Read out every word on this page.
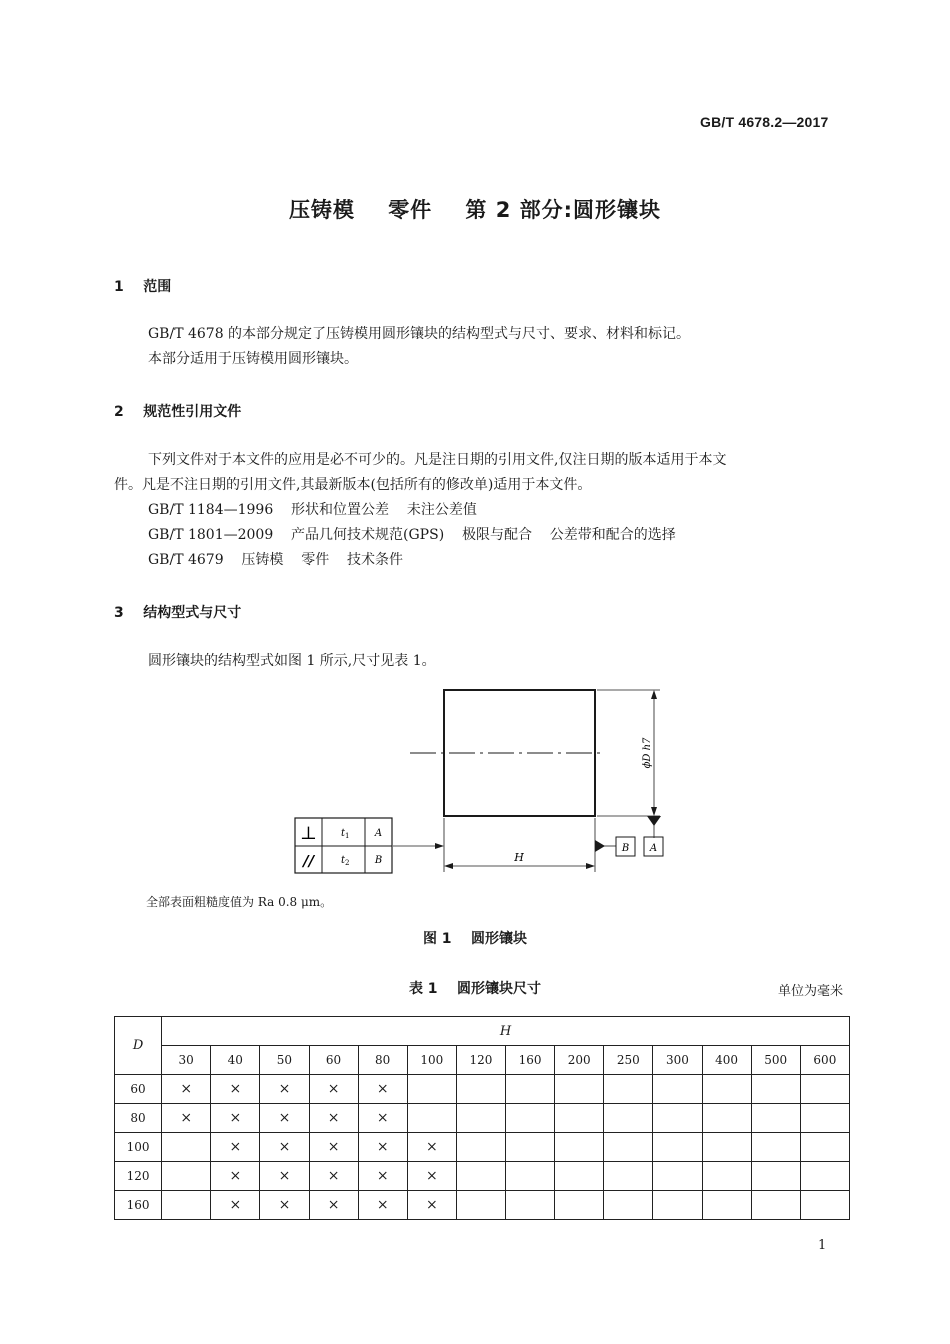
GB/T 4678.2—2017
压铸模    零件    第 2 部分:圆形镶块
1    范围
GB/T 4678 的本部分规定了压铸模用圆形镶块的结构型式与尺寸、要求、材料和标记。
本部分适用于压铸模用圆形镶块。
2    规范性引用文件
下列文件对于本文件的应用是必不可少的。凡是注日期的引用文件,仅注日期的版本适用于本文
件。凡是不注日期的引用文件,其最新版本(包括所有的修改单)适用于本文件。
GB/T 1184—1996    形状和位置公差    未注公差值
GB/T 1801—2009    产品几何技术规范(GPS)    极限与配合    公差带和配合的选择
GB/T 4679    压铸模    零件    技术条件
3    结构型式与尺寸
圆形镶块的结构型式如图 1 所示,尺寸见表 1。
ϕD h7
H
B A
⊥
//
t 1
t 2
A
B
全部表面粗糙度值为 Ra 0.8 μm。
图 1    圆形镶块
表 1    圆形镶块尺寸	单位为毫米
D	H													
	30	40	50	60	80	100	120	160	200	250	300	400	500	600
60	×	×	×	×	×									
80	×	×	×	×	×									
100		×	×	×	×	×								
120		×	×	×	×	×								
160		×	×	×	×	×								
1
